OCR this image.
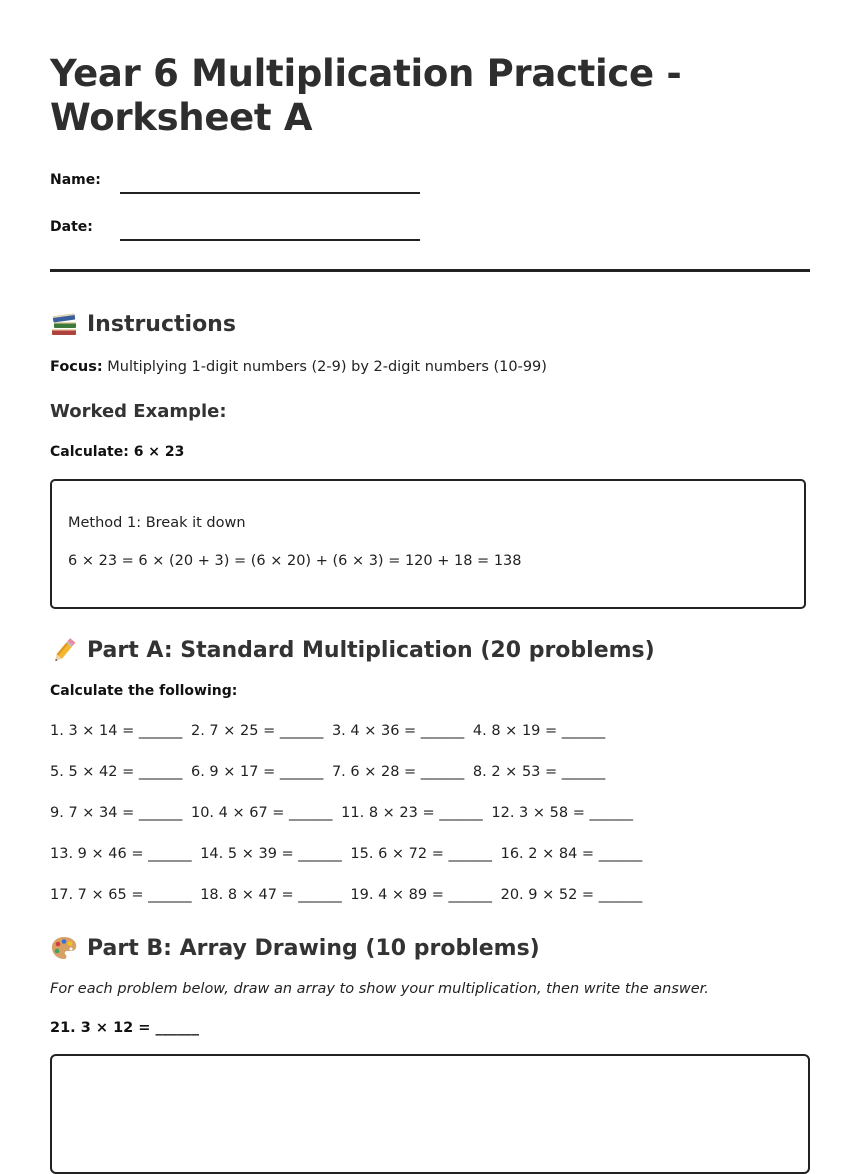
Year 6 Multiplication Practice - Worksheet A
Name:
Date:
Instructions
Focus: Multiplying 1-digit numbers (2-9) by 2-digit numbers (10-99)
Worked Example:
Calculate: 6 × 23
Method 1: Break it down
6 × 23 = 6 × (20 + 3) = (6 × 20) + (6 × 3) = 120 + 18 = 138
Part A: Standard Multiplication (20 problems)
Calculate the following:
1. 3 × 14 = ______ 2. 7 × 25 = ______ 3. 4 × 36 = ______ 4. 8 × 19 = ______
5. 5 × 42 = ______ 6. 9 × 17 = ______ 7. 6 × 28 = ______ 8. 2 × 53 = ______
9. 7 × 34 = ______ 10. 4 × 67 = ______ 11. 8 × 23 = ______ 12. 3 × 58 = ______
13. 9 × 46 = ______ 14. 5 × 39 = ______ 15. 6 × 72 = ______ 16. 2 × 84 = ______
17. 7 × 65 = ______ 18. 8 × 47 = ______ 19. 4 × 89 = ______ 20. 9 × 52 = ______
Part B: Array Drawing (10 problems)
For each problem below, draw an array to show your multiplication, then write the answer.
21. 3 × 12 = ______
